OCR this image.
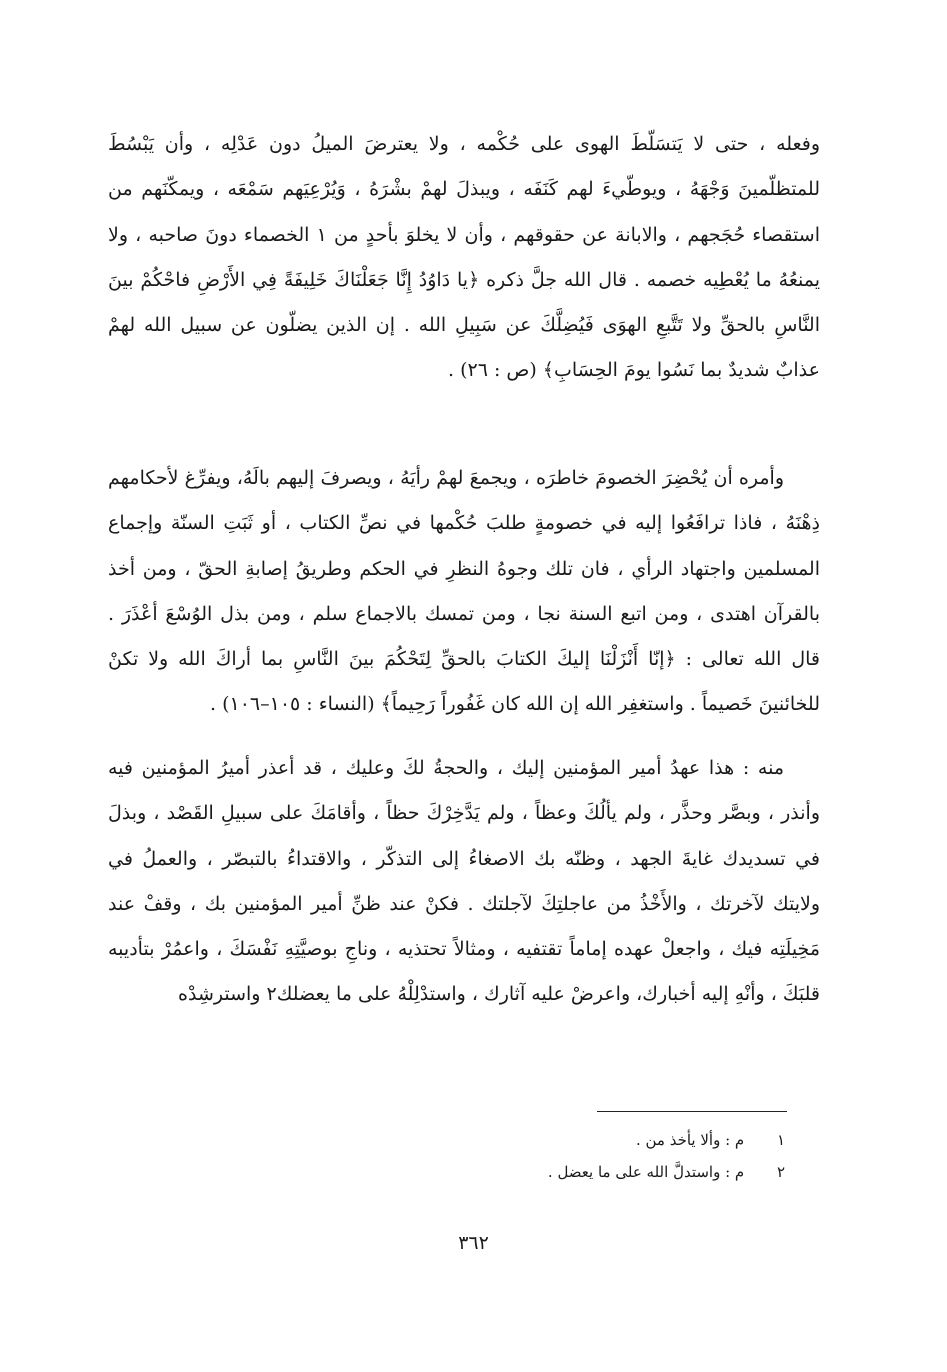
وفعله ، حتى لا يَتسَلّطَ الهوى على حُكْمه ، ولا يعترضَ الميلُ دون عَدْلِه ، وأن يَبْسُطَ للمتظلّمينَ وَجْهَهُ ، ويوطّيءَ لهم كَنَفَه ، ويبذلَ لهمْ بشْرَهُ ، وَيُرْعِيَهم سَمْعَه ، ويمكّنَهم من استقصاء حُجَجهم ، والابانة عن حقوقهم ، وأن لا يخلوَ بأحدٍ من ١ الخصماء دونَ صاحبه ، ولا يمنعُهُ ما يُعْطِيه خصمه . قال الله جلَّ ذكره ﴿يا دَاوُدُ إِنَّا جَعَلْنَاكَ خَلِيفَةً فِي الأَرْضِ فاحْكُمْ بينَ النَّاسِ بالحقِّ ولا تَتَّبعِ الهوَى فَيُضِلَّكَ عن سَبِيلِ الله . إن الذين يضلّون عن سبيل الله لهمْ عذابٌ شديدٌ بما نَسُوا يومَ الحِسَابِ﴾ (ص : ٢٦) .

وأمره أن يُحْضِرَ الخصومَ خاطرَه ، ويجمعَ لهمْ رأيَهُ ، ويصرفَ إليهم بالَهُ، ويفرِّغ لأحكامهم ذِهْنَهُ ، فاذا ترافَعُوا إليه في خصومةٍ طلبَ حُكْمها في نصِّ الكتاب ، أو ثَبَتِ السنّة وإجماع المسلمين واجتهاد الرأي ، فان تلك وجوهُ النظرِ في الحكم وطريقُ إصابةِ الحقّ ، ومن أخذ بالقرآن اهتدى ، ومن اتبع السنة نجا ، ومن تمسك بالاجماع سلم ، ومن بذل الوُسْعَ أعْذَرَ . قال الله تعالى : ﴿إنّا أَنْزَلْنَا إليكَ الكتابَ بالحقِّ لِتَحْكُمَ بينَ النَّاسِ بما أراكَ الله ولا تكنْ للخائنينَ خَصيماً . واستغفِر الله إن الله كان غَفُوراً رَحِيماً﴾ (النساء : ١٠٥–١٠٦) .

منه : هذا عهدُ أمير المؤمنين إليك ، والحجةُ لكَ وعليك ، قد أعذر أميرُ المؤمنين فيه وأنذر ، وبصَّر وحذَّر ، ولم يألُكَ وعظاً ، ولم يَدَّخِرْكَ حظاً ، وأقامَكَ على سبيلِ القَصْد ، وبذلَ في تسديدك غايةَ الجهد ، وظنّه بك الاصغاءُ إلى التذكّر ، والاقتداءُ بالتبصّر ، والعملُ في ولايتك لآخرتك ، والأَخْذُ من عاجلتِكَ لآجلتك . فكنْ عند ظنِّ أمير المؤمنين بك ، وقفْ عند مَخِيلَتِه فيك ، واجعلْ عهده إماماً تقتفيه ، ومثالاً تحتذيه ، وناجِ بوصيَّتِهِ نَفْسَكَ ، واعمُرْ بتأديبه قلبَكَ ، وأنْهِ إليه أخبارك، واعرضْ عليه آثارك ، واستدْلِلْهُ على ما يعضلك٢ واسترشِدْه

١ م : وألا يأخذ من .

٢ م : واستدلَّ الله على ما يعضل .

٣٦٢
